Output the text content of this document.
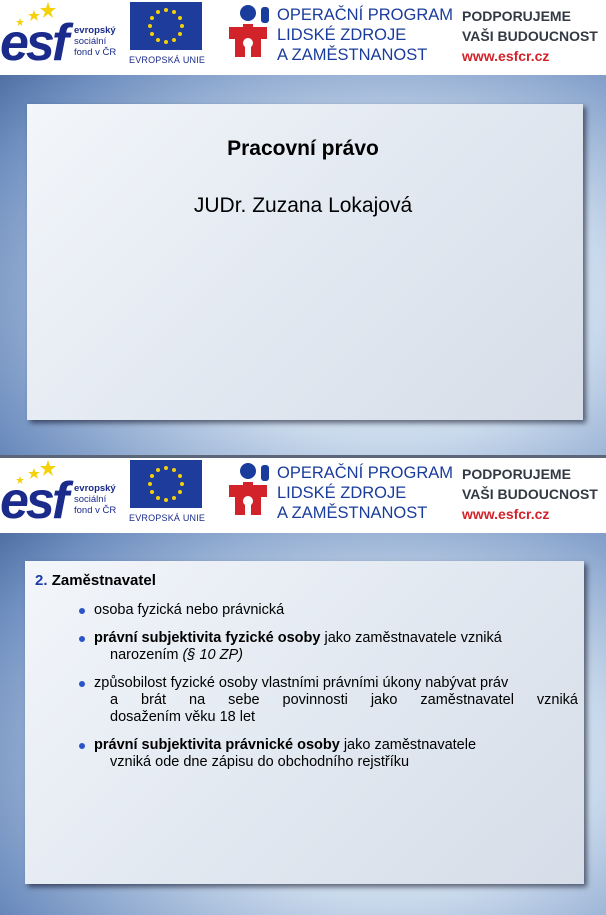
esf evropský
sociální
fond v ČR
EVROPSKÁ UNIE
OPERAČNÍ PROGRAM
LIDSKÉ ZDROJE
A ZAMĚSTNANOST
PODPORUJEME
VAŠI BUDOUCNOST
www.esfcr.cz
Pracovní právo
JUDr. Zuzana Lokajová
esf evropský
sociální
fond v ČR
EVROPSKÁ UNIE
OPERAČNÍ PROGRAM
LIDSKÉ ZDROJE
A ZAMĚSTNANOST
PODPORUJEME
VAŠI BUDOUCNOST
www.esfcr.cz
2. Zaměstnavatel
osoba fyzická nebo právnická
právní subjektivita fyzické osoby jako zaměstnavatele vzniká
narozením (§ 10 ZP)
způsobilost fyzické osoby vlastními právními úkony nabývat práv
a brát na sebe povinnosti jako zaměstnavatel vzniká
dosažením věku 18 let
právní subjektivita právnické osoby jako zaměstnavatele
vzniká ode dne zápisu do obchodního rejstříku
